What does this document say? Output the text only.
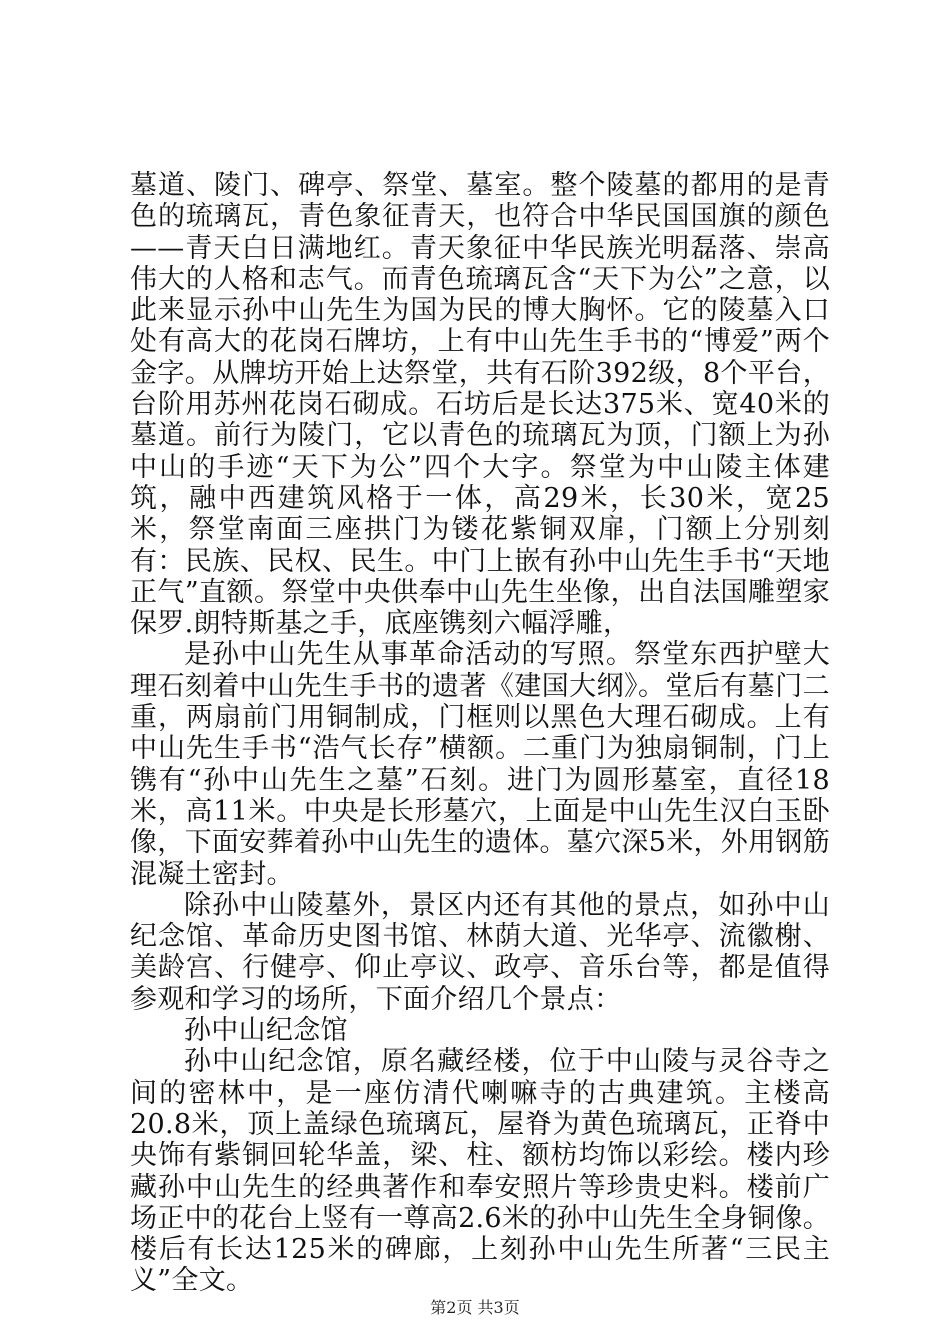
墓道、陵门、碑亭、祭堂、墓室。整个陵墓的都用的是青色的琉璃瓦，青色象征青天，也符合中华民国国旗的颜色——青天白日满地红。青天象征中华民族光明磊落、崇高伟大的人格和志气。而青色琉璃瓦含“天下为公”之意，以此来显示孙中山先生为国为民的博大胸怀。它的陵墓入口处有高大的花岗石牌坊，上有中山先生手书的“博爱”两个金字。从牌坊开始上达祭堂，共有石阶392级，8个平台，台阶用苏州花岗石砌成。石坊后是长达375米、宽40米的墓道。前行为陵门，它以青色的琉璃瓦为顶，门额上为孙中山的手迹“天下为公”四个大字。祭堂为中山陵主体建筑，融中西建筑风格于一体，高29米，长30米，宽25米，祭堂南面三座拱门为镂花紫铜双扉，门额上分别刻有：民族、民权、民生。中门上嵌有孙中山先生手书“天地正气”直额。祭堂中央供奉中山先生坐像，出自法国雕塑家保罗.朗特斯基之手，底座镌刻六幅浮雕，

是孙中山先生从事革命活动的写照。祭堂东西护壁大理石刻着中山先生手书的遗著《建国大纲》。堂后有墓门二重，两扇前门用铜制成，门框则以黑色大理石砌成。上有中山先生手书“浩气长存”横额。二重门为独扇铜制，门上镌有“孙中山先生之墓”石刻。进门为圆形墓室，直径18米，高11米。中央是长形墓穴，上面是中山先生汉白玉卧像，下面安葬着孙中山先生的遗体。墓穴深5米，外用钢筋混凝土密封。

除孙中山陵墓外，景区内还有其他的景点，如孙中山纪念馆、革命历史图书馆、林荫大道、光华亭、流徽榭、美龄宫、行健亭、仰止亭议、政亭、音乐台等，都是值得参观和学习的场所，下面介绍几个景点：

孙中山纪念馆

孙中山纪念馆，原名藏经楼，位于中山陵与灵谷寺之间的密林中，是一座仿清代喇嘛寺的古典建筑。主楼高20.8米，顶上盖绿色琉璃瓦，屋脊为黄色琉璃瓦，正脊中央饰有紫铜回轮华盖，梁、柱、额枋均饰以彩绘。楼内珍藏孙中山先生的经典著作和奉安照片等珍贵史料。楼前广场正中的花台上竖有一尊高2.6米的孙中山先生全身铜像。楼后有长达125米的碑廊，上刻孙中山先生所著“三民主义”全文。

第2页 共3页
